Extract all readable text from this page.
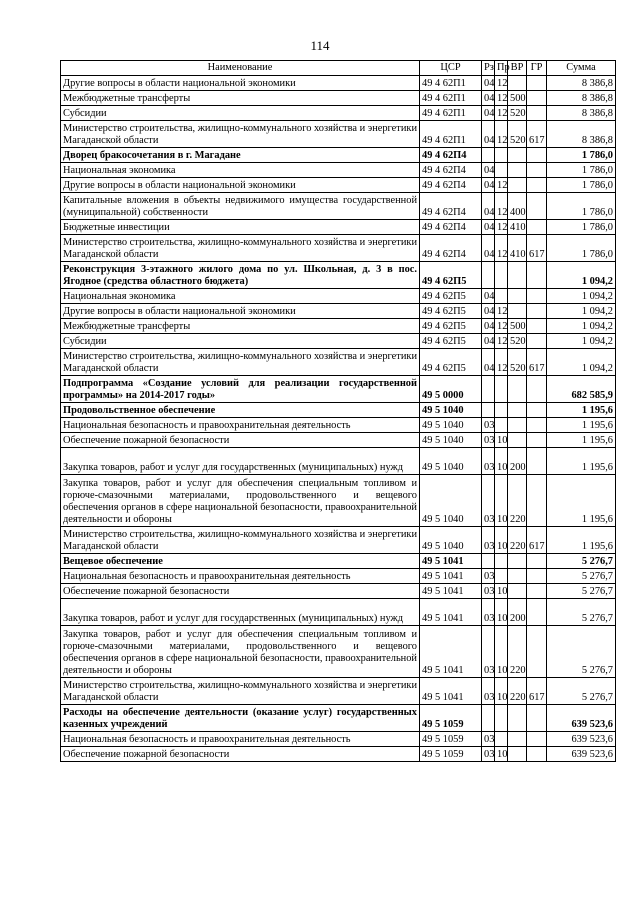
114
Наименование	ЦСР	Рз	Пр	ВР	ГР	Сумма
Другие вопросы в области национальной экономики	49 4 62П1	04	12			8 386,8
Межбюджетные трансферты	49 4 62П1	04	12	500		8 386,8
Субсидии	49 4 62П1	04	12	520		8 386,8
Министерство строительства, жилищно-коммунального хозяйства и энергетики Магаданской области	49 4 62П1	04	12	520	617	8 386,8
Дворец бракосочетания в г. Магадане	49 4 62П4					1 786,0
Национальная экономика	49 4 62П4	04				1 786,0
Другие вопросы в области национальной экономики	49 4 62П4	04	12			1 786,0
Капитальные вложения в объекты недвижимого имущества государственной (муниципальной) собственности	49 4 62П4	04	12	400		1 786,0
Бюджетные инвестиции	49 4 62П4	04	12	410		1 786,0
Министерство строительства, жилищно-коммунального хозяйства и энергетики Магаданской области	49 4 62П4	04	12	410	617	1 786,0
Реконструкция 3-этажного жилого дома по ул. Школьная, д. 3 в пос. Ягодное (средства областного бюджета)	49 4 62П5					1 094,2
Национальная экономика	49 4 62П5	04				1 094,2
Другие вопросы в области национальной экономики	49 4 62П5	04	12			1 094,2
Межбюджетные трансферты	49 4 62П5	04	12	500		1 094,2
Субсидии	49 4 62П5	04	12	520		1 094,2
Министерство строительства, жилищно-коммунального хозяйства и энергетики Магаданской области	49 4 62П5	04	12	520	617	1 094,2
Подпрограмма «Создание условий для реализации государственной программы» на 2014-2017 годы»	49 5 0000					682 585,9
Продовольственное обеспечение	49 5 1040					1 195,6
Национальная безопасность и правоохранительная деятельность	49 5 1040	03				1 195,6
Обеспечение пожарной безопасности	49 5 1040	03	10			1 195,6
Закупка товаров, работ и услуг для государственных (муниципальных) нужд	49 5 1040	03	10	200		1 195,6
Закупка товаров, работ и услуг для обеспечения специальным топливом и горюче-смазочными материалами, продовольственного и вещевого обеспечения органов в сфере национальной безопасности, правоохранительной деятельности и обороны	49 5 1040	03	10	220		1 195,6
Министерство строительства, жилищно-коммунального хозяйства и энергетики Магаданской области	49 5 1040	03	10	220	617	1 195,6
Вещевое обеспечение	49 5 1041					5 276,7
Национальная безопасность и правоохранительная деятельность	49 5 1041	03				5 276,7
Обеспечение пожарной безопасности	49 5 1041	03	10			5 276,7
Закупка товаров, работ и услуг для государственных (муниципальных) нужд	49 5 1041	03	10	200		5 276,7
Закупка товаров, работ и услуг для обеспечения специальным топливом и горюче-смазочными материалами, продовольственного и вещевого обеспечения органов в сфере национальной безопасности, правоохранительной деятельности и обороны	49 5 1041	03	10	220		5 276,7
Министерство строительства, жилищно-коммунального хозяйства и энергетики Магаданской области	49 5 1041	03	10	220	617	5 276,7
Расходы на обеспечение деятельности (оказание услуг) государственных казенных учреждений	49 5 1059					639 523,6
Национальная безопасность и правоохранительная деятельность	49 5 1059	03				639 523,6
Обеспечение пожарной безопасности	49 5 1059	03	10			639 523,6
